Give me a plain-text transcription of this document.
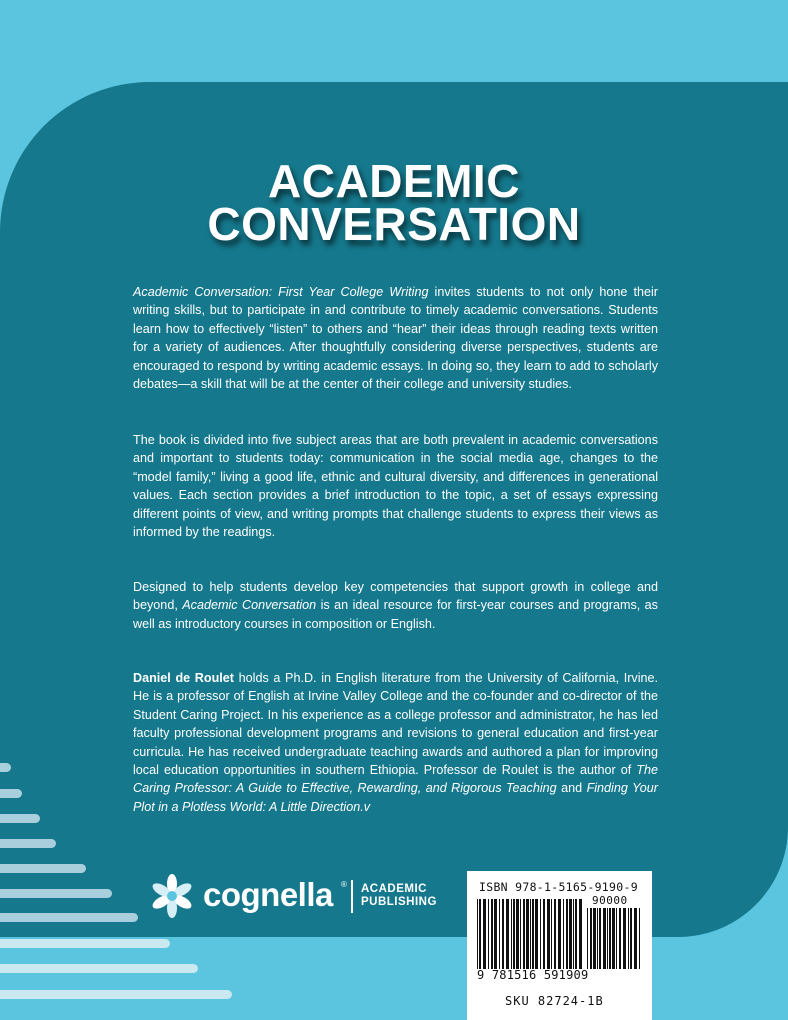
ACADEMIC
CONVERSATION

Academic Conversation: First Year College Writing invites students to not only hone their writing skills, but to participate in and contribute to timely academic conversations. Students learn how to effectively “listen” to others and “hear” their ideas through reading texts written for a variety of audiences. After thoughtfully considering diverse perspectives, students are encouraged to respond by writing academic essays. In doing so, they learn to add to scholarly debates—a skill that will be at the center of their college and university studies.

The book is divided into five subject areas that are both prevalent in academic conversations and important to students today: communication in the social media age, changes to the “model family,” living a good life, ethnic and cultural diversity, and differences in generational values. Each section provides a brief introduction to the topic, a set of essays expressing different points of view, and writing prompts that challenge students to express their views as informed by the readings.

Designed to help students develop key competencies that support growth in college and beyond, Academic Conversation is an ideal resource for first-year courses and programs, as well as introductory courses in composition or English.

Daniel de Roulet holds a Ph.D. in English literature from the University of California, Irvine. He is a professor of English at Irvine Valley College and the co-founder and co-director of the Student Caring Project. In his experience as a college professor and administrator, he has led faculty professional development programs and revisions to general education and first-year curricula. He has received undergraduate teaching awards and authored a plan for improving local education opportunities in southern Ethiopia. Professor de Roulet is the author of The Caring Professor: A Guide to Effective, Rewarding, and Rigorous Teaching and Finding Your Plot in a Plotless World: A Little Direction.v

cognella ® ACADEMIC
PUBLISHING
ISBN 978-1-5165-9190-9
90000
9 781516 591909
SKU 82724-1B
